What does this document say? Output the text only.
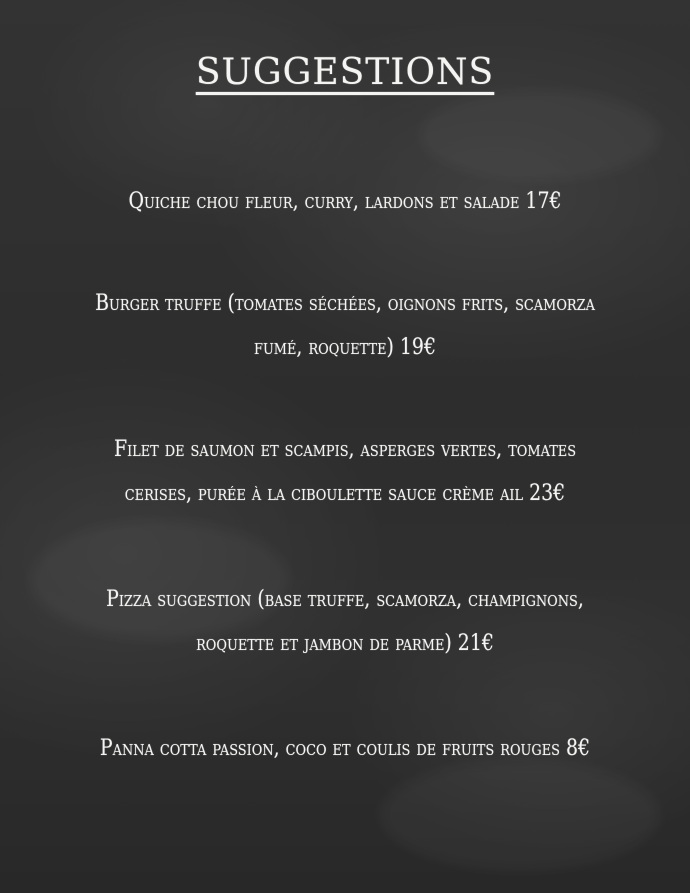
SUGGESTIONS
Quiche chou fleur, curry, lardons et salade 17€
Burger truffe (tomates séchées, oignons frits, scamorza fumé, roquette) 19€
Filet de saumon et scampis, asperges vertes, tomates cerises, purée à la ciboulette sauce crème ail 23€
Pizza suggestion (base truffe, scamorza, champignons, roquette et jambon de parme) 21€
Panna cotta passion, coco et coulis de fruits rouges 8€
